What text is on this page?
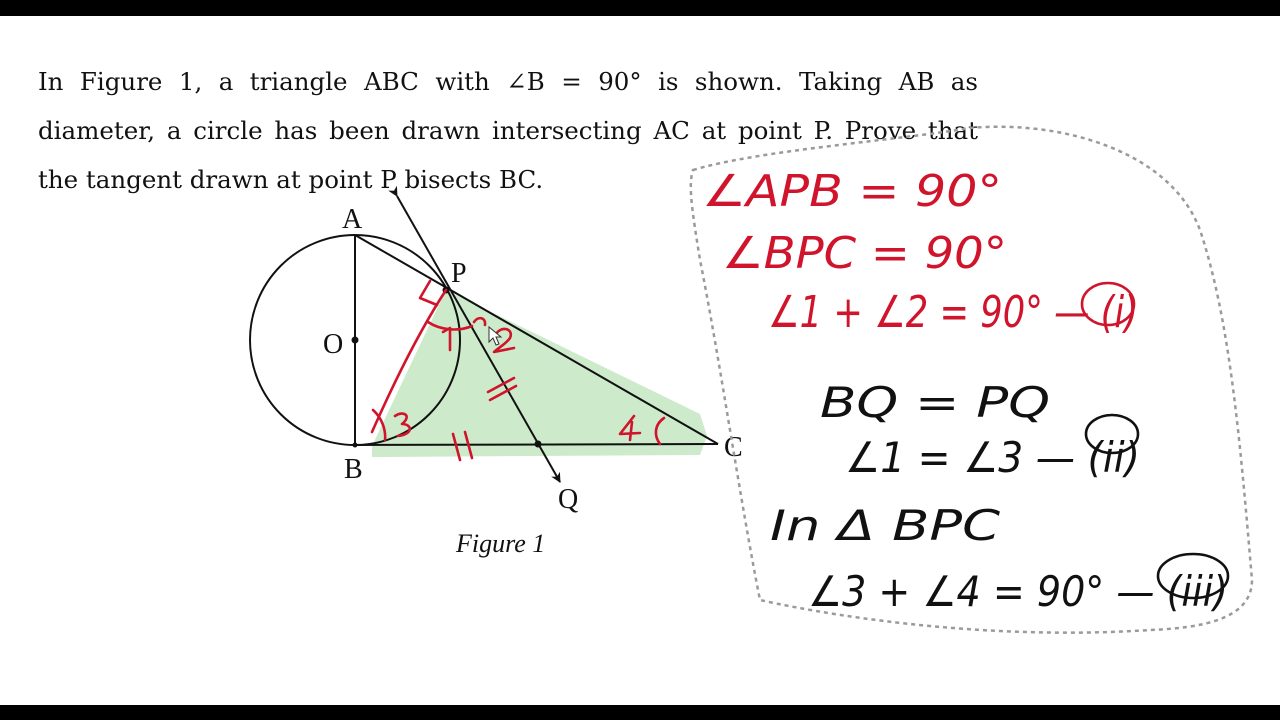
In Figure 1, a triangle ABC with ∠B = 90° is shown. Taking AB as
diameter, a circle has been drawn intersecting AC at point P. Prove that
the tangent drawn at point P bisects BC.
A
O
B
P
C
Q
Figure 1
∠APB = 90°
∠BPC = 90°
∠1 + ∠2 = 90° — (i)
BQ = PQ
∠1 = ∠3 — (ii)
In Δ BPC
∠3 + ∠4 = 90° — (iii)
